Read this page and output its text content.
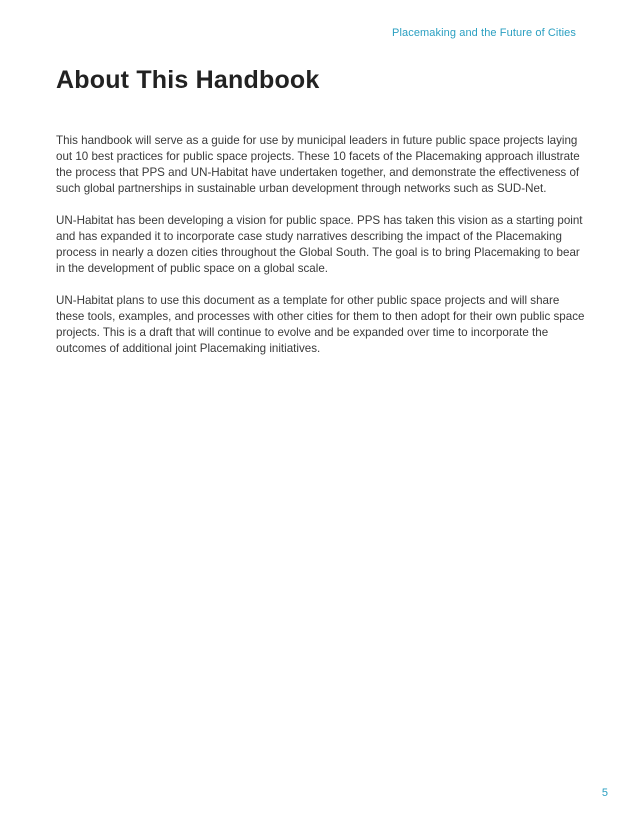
Placemaking and the Future of Cities
About This Handbook

This handbook will serve as a guide for use by municipal leaders in future public space projects laying out 10 best practices for public space projects. These 10 facets of the Placemaking approach illustrate the process that PPS and UN-Habitat have undertaken together, and demonstrate the effectiveness of such global partnerships in sustainable urban development through networks such as SUD-Net.

UN-Habitat has been developing a vision for public space. PPS has taken this vision as a starting point and has expanded it to incorporate case study narratives describing the impact of the Placemaking process in nearly a dozen cities throughout the Global South. The goal is to bring Placemaking to bear in the development of public space on a global scale.

UN-Habitat plans to use this document as a template for other public space projects and will share these tools, examples, and processes with other cities for them to then adopt for their own public space projects. This is a draft that will continue to evolve and be expanded over time to incorporate the outcomes of additional joint Placemaking initiatives.

5
